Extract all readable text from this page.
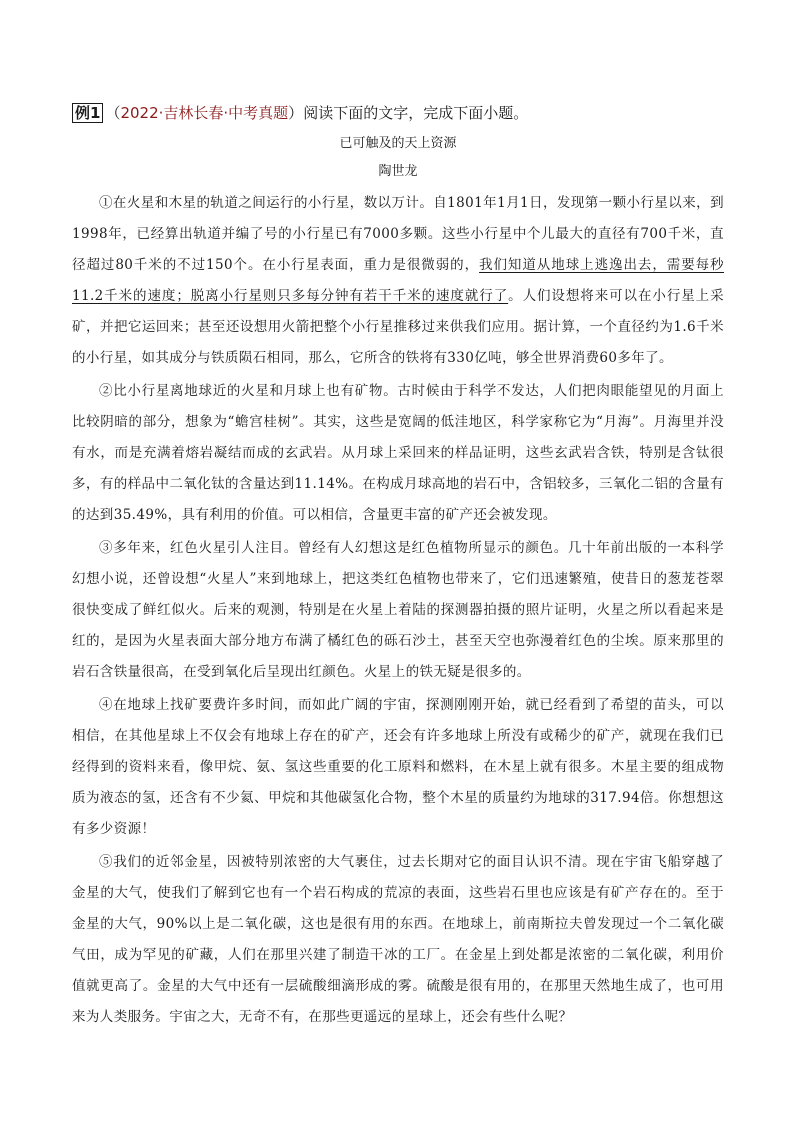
例1 （2022·吉林长春·中考真题）阅读下面的文字，完成下面小题。

已可触及的天上资源

陶世龙

①在火星和木星的轨道之间运行的小行星，数以万计。自1801年1月1日，发现第一颗小行星以来，到1998年，已经算出轨道并编了号的小行星已有7000多颗。这些小行星中个儿最大的直径有700千米，直径超过80千米的不过150个。在小行星表面，重力是很微弱的，我们知道从地球上逃逸出去，需要每秒11.2千米的速度；脱离小行星则只多每分钟有若干千米的速度就行了。人们设想将来可以在小行星上采矿，并把它运回来；甚至还设想用火箭把整个小行星推移过来供我们应用。据计算，一个直径约为1.6千米的小行星，如其成分与铁质陨石相同，那么，它所含的铁将有330亿吨，够全世界消费60多年了。

②比小行星离地球近的火星和月球上也有矿物。古时候由于科学不发达，人们把肉眼能望见的月面上比较阴暗的部分，想象为“蟾宫桂树”。其实，这些是宽阔的低洼地区，科学家称它为“月海”。月海里并没有水，而是充满着熔岩凝结而成的玄武岩。从月球上采回来的样品证明，这些玄武岩含铁，特别是含钛很多，有的样品中二氧化钛的含量达到11.14%。在构成月球高地的岩石中，含铝较多，三氧化二铝的含量有的达到35.49%，具有利用的价值。可以相信，含量更丰富的矿产还会被发现。

③多年来，红色火星引人注目。曾经有人幻想这是红色植物所显示的颜色。几十年前出版的一本科学幻想小说，还曾设想“火星人”来到地球上，把这类红色植物也带来了，它们迅速繁殖，使昔日的葱茏苍翠很快变成了鲜红似火。后来的观测，特别是在火星上着陆的探测器拍摄的照片证明，火星之所以看起来是红的，是因为火星表面大部分地方布满了橘红色的砾石沙土，甚至天空也弥漫着红色的尘埃。原来那里的岩石含铁量很高，在受到氧化后呈现出红颜色。火星上的铁无疑是很多的。

④在地球上找矿要费许多时间，而如此广阔的宇宙，探测刚刚开始，就已经看到了希望的苗头，可以相信，在其他星球上不仅会有地球上存在的矿产，还会有许多地球上所没有或稀少的矿产，就现在我们已经得到的资料来看，像甲烷、氨、氢这些重要的化工原料和燃料，在木星上就有很多。木星主要的组成物质为液态的氢，还含有不少氦、甲烷和其他碳氢化合物，整个木星的质量约为地球的317.94倍。你想想这有多少资源！

⑤我们的近邻金星，因被特别浓密的大气裹住，过去长期对它的面目认识不清。现在宇宙飞船穿越了金星的大气，使我们了解到它也有一个岩石构成的荒凉的表面，这些岩石里也应该是有矿产存在的。至于金星的大气，90%以上是二氧化碳，这也是很有用的东西。在地球上，前南斯拉夫曾发现过一个二氧化碳气田，成为罕见的矿藏，人们在那里兴建了制造干冰的工厂。在金星上到处都是浓密的二氧化碳，利用价值就更高了。金星的大气中还有一层硫酸细滴形成的雾。硫酸是很有用的，在那里天然地生成了，也可用来为人类服务。宇宙之大，无奇不有，在那些更遥远的星球上，还会有些什么呢？
